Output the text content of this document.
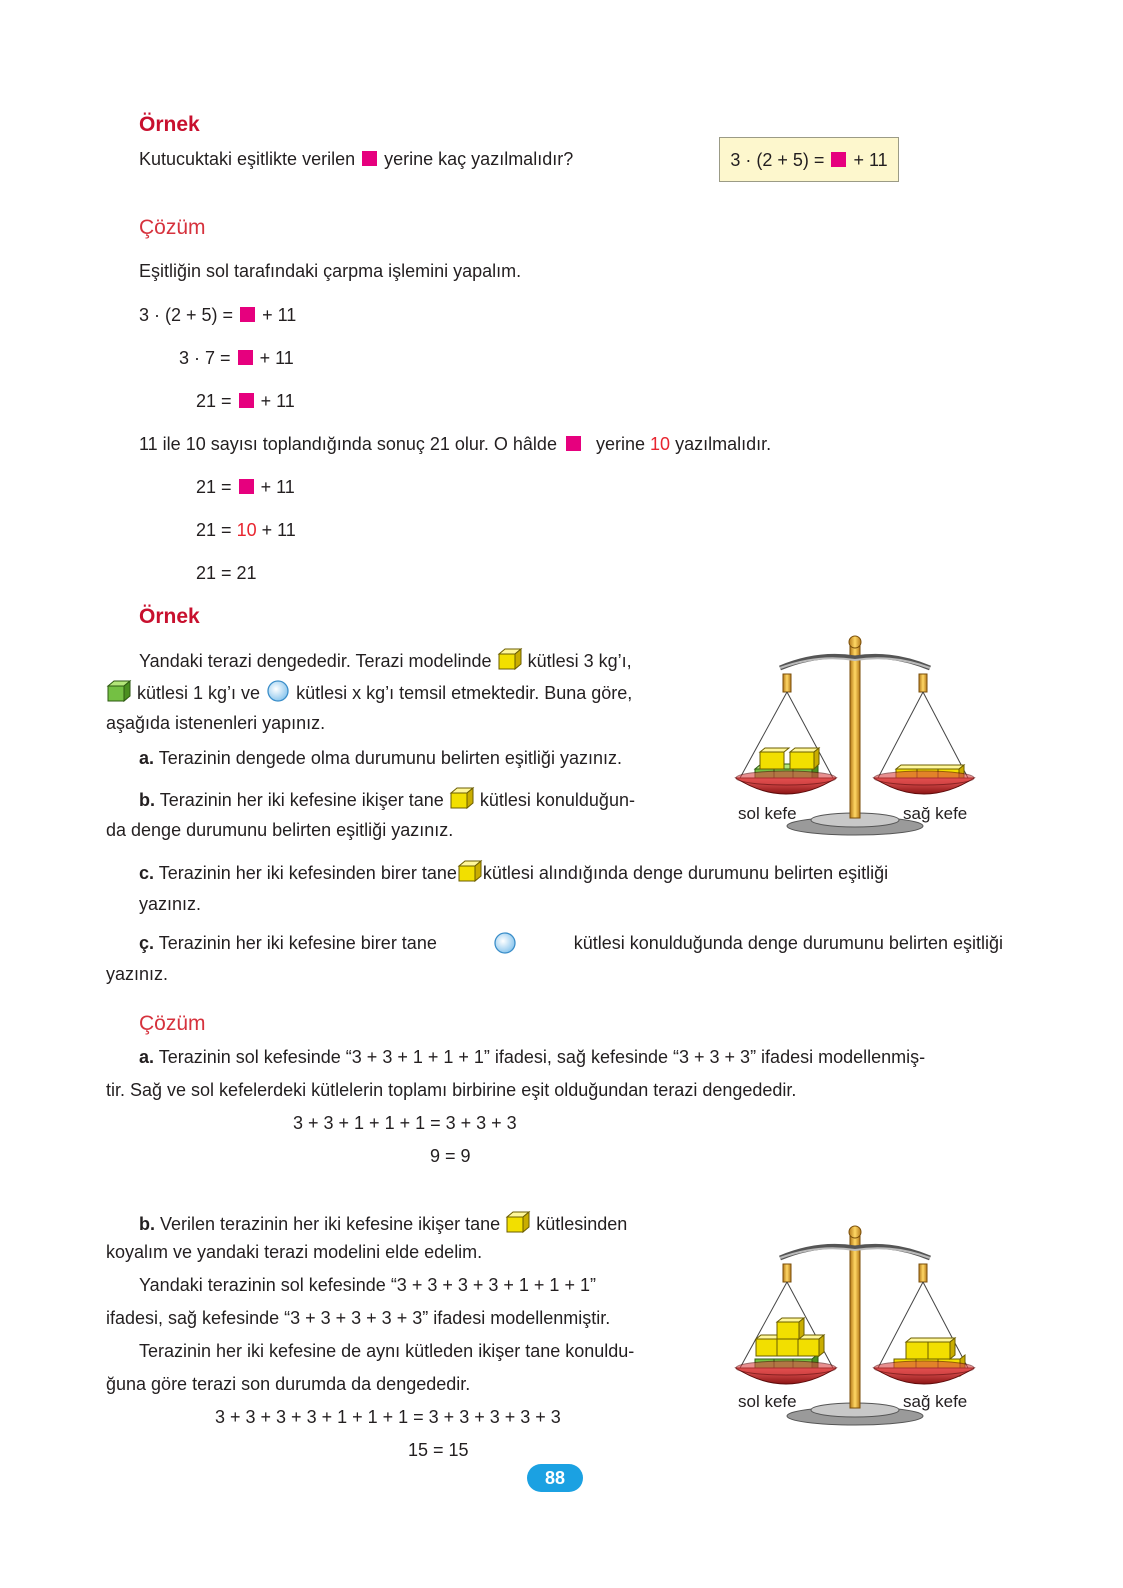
Örnek
Kutucuktaki eşitlikte verilen yerine kaç yazılmalıdır?	3 · (2 + 5) = + 11
Çözüm
Eşitliğin sol tarafındaki çarpma işlemini yapalım.
3 · (2 + 5) = + 11
3 · 7 = + 11
21 = + 11
11 ile 10 sayısı toplandığında sonuç 21 olur. O hâlde yerine 10 yazılmalıdır.
21 = + 11
21 = 10 + 11
21 = 21
Örnek
Yandaki terazi dengededir. Terazi modelinde kütlesi 3 kg’ı,
kütlesi 1 kg’ı ve kütlesi x kg’ı temsil etmektedir. Buna göre,
aşağıda istenenleri yapınız.
a. Terazinin dengede olma durumunu belirten eşitliği yazınız.
b. Terazinin her iki kefesine ikişer tane kütlesi konulduğun-
da denge durumunu belirten eşitliği yazınız.
c. Terazinin her iki kefesinden birer tane kütlesi alındığında denge durumunu belirten eşitliği
yazınız.
ç. Terazinin her iki kefesine birer tane	kütlesi konulduğunda denge durumunu belirten eşitliği
yazınız.
sol kefe	sağ kefe
Çözüm
a. Terazinin sol kefesinde “3 + 3 + 1 + 1 + 1” ifadesi, sağ kefesinde “3 + 3 + 3” ifadesi modellenmiş-
tir. Sağ ve sol kefelerdeki kütlelerin toplamı birbirine eşit olduğundan terazi dengededir.
3 + 3 + 1 + 1 + 1 = 3 + 3 + 3
9 = 9
b. Verilen terazinin her iki kefesine ikişer tane kütlesinden
koyalım ve yandaki terazi modelini elde edelim.
Yandaki terazinin sol kefesinde “3 + 3 + 3 + 3 + 1 + 1 + 1”
ifadesi, sağ kefesinde “3 + 3 + 3 + 3 + 3” ifadesi modellenmiştir.
Terazinin her iki kefesine de aynı kütleden ikişer tane konuldu-
ğuna göre terazi son durumda da dengededir.
3 + 3 + 3 + 3 + 1 + 1 + 1 = 3 + 3 + 3 + 3 + 3
15 = 15
sol kefe	sağ kefe
88
